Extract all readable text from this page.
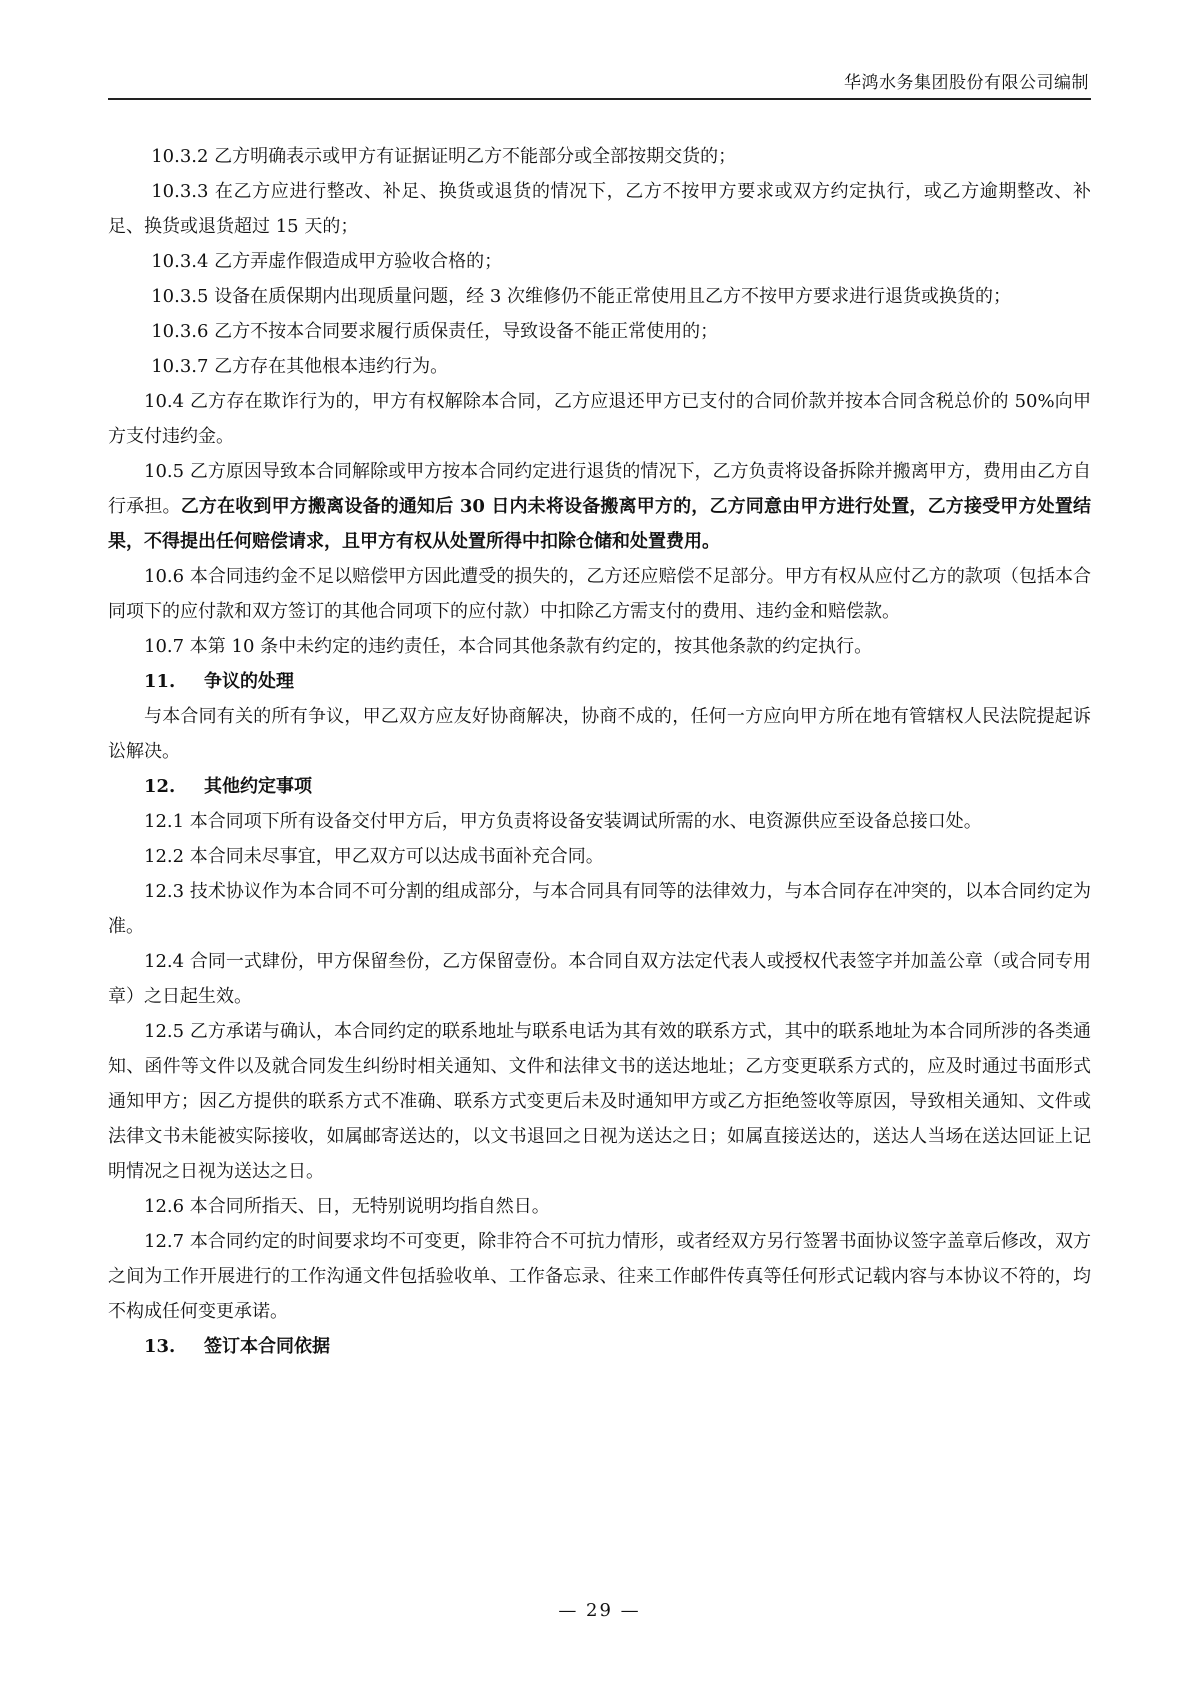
华鸿水务集团股份有限公司编制

10.3.2 乙方明确表示或甲方有证据证明乙方不能部分或全部按期交货的；

10.3.3 在乙方应进行整改、补足、换货或退货的情况下，乙方不按甲方要求或双方约定执行，或乙方逾期整改、补足、换货或退货超过 15 天的；

10.3.4 乙方弄虚作假造成甲方验收合格的；

10.3.5 设备在质保期内出现质量问题，经 3 次维修仍不能正常使用且乙方不按甲方要求进行退货或换货的；

10.3.6 乙方不按本合同要求履行质保责任，导致设备不能正常使用的；

10.3.7 乙方存在其他根本违约行为。

10.4 乙方存在欺诈行为的，甲方有权解除本合同，乙方应退还甲方已支付的合同价款并按本合同含税总价的 50%向甲方支付违约金。

10.5 乙方原因导致本合同解除或甲方按本合同约定进行退货的情况下，乙方负责将设备拆除并搬离甲方，费用由乙方自行承担。乙方在收到甲方搬离设备的通知后 30 日内未将设备搬离甲方的，乙方同意由甲方进行处置，乙方接受甲方处置结果，不得提出任何赔偿请求，且甲方有权从处置所得中扣除仓储和处置费用。

10.6 本合同违约金不足以赔偿甲方因此遭受的损失的，乙方还应赔偿不足部分。甲方有权从应付乙方的款项（包括本合同项下的应付款和双方签订的其他合同项下的应付款）中扣除乙方需支付的费用、违约金和赔偿款。

10.7 本第 10 条中未约定的违约责任，本合同其他条款有约定的，按其他条款的约定执行。

11. 争议的处理

与本合同有关的所有争议，甲乙双方应友好协商解决，协商不成的，任何一方应向甲方所在地有管辖权人民法院提起诉讼解决。

12. 其他约定事项

12.1 本合同项下所有设备交付甲方后，甲方负责将设备安装调试所需的水、电资源供应至设备总接口处。

12.2 本合同未尽事宜，甲乙双方可以达成书面补充合同。

12.3 技术协议作为本合同不可分割的组成部分，与本合同具有同等的法律效力，与本合同存在冲突的，以本合同约定为准。

12.4 合同一式肆份，甲方保留叁份，乙方保留壹份。本合同自双方法定代表人或授权代表签字并加盖公章（或合同专用章）之日起生效。

12.5 乙方承诺与确认，本合同约定的联系地址与联系电话为其有效的联系方式，其中的联系地址为本合同所涉的各类通知、函件等文件以及就合同发生纠纷时相关通知、文件和法律文书的送达地址；乙方变更联系方式的，应及时通过书面形式通知甲方；因乙方提供的联系方式不准确、联系方式变更后未及时通知甲方或乙方拒绝签收等原因，导致相关通知、文件或法律文书未能被实际接收，如属邮寄送达的，以文书退回之日视为送达之日；如属直接送达的，送达人当场在送达回证上记明情况之日视为送达之日。

12.6 本合同所指天、日，无特别说明均指自然日。

12.7 本合同约定的时间要求均不可变更，除非符合不可抗力情形，或者经双方另行签署书面协议签字盖章后修改，双方之间为工作开展进行的工作沟通文件包括验收单、工作备忘录、往来工作邮件传真等任何形式记载内容与本协议不符的，均不构成任何变更承诺。

13. 签订本合同依据

— 29 —
